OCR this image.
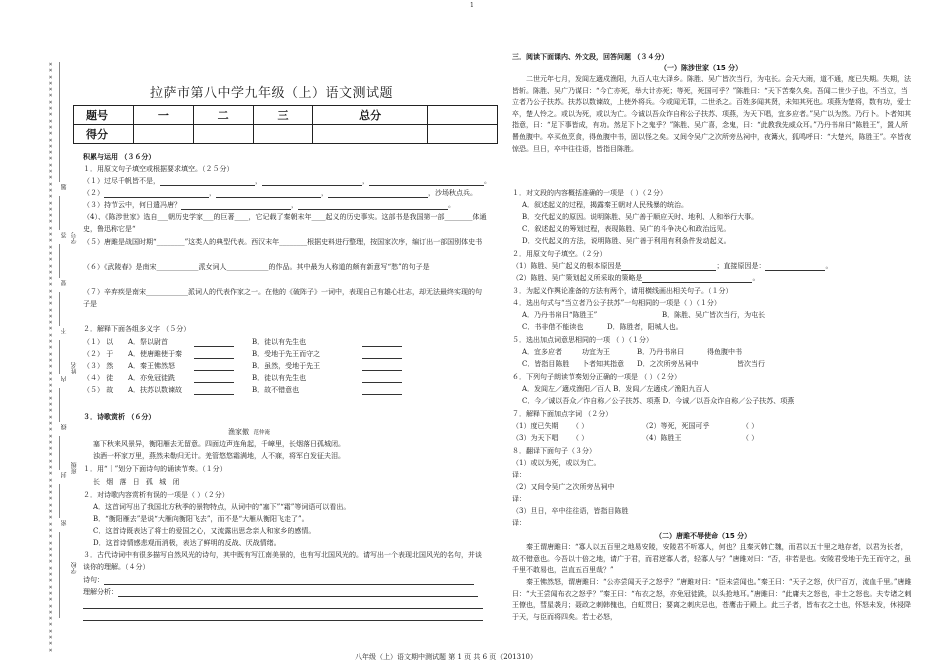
1
××××××××××××××××××××××××××××××××××××××××××××××××××××××××××××××××××××××××××××××××××××××××××××××
题
答
要
不
内
线
封
密
学号
姓名
班级
学校
拉萨市第八中学九年级（上）语文测试题
题号	一	二	三	总分	
得分					
积累与运用 （３６分）
１．用原文句子填空或根据要求填空。（２５分）
（１）过尽千帆皆不是，	，	，	。
（２）	，	，	，沙场秋点兵。
（３）持节云中，何日遣冯唐？	，	。
（4）、《陈涉世家》选自___朝历史学家___的巨著____，它记载了秦朝末年____起义的历史事实。这部书是我国第一部________体通史，鲁迅称它是“
（５）唐雎是战国时期“________”这类人的典型代表。西汉末年________根据史料进行整理，按国家次序，编订出一部国别体史书
（６）《武陵春》是南宋____________派女词人____________的作品。其中最为人称道的颇有新意写“愁”的句子是
（７）辛弃疾是南宋____________派词人的代表作家之一。在他的《破阵子》一词中，表现自己有雄心壮志，却无法最终实现的句子是
２．解释下面各组多义字 （５分）
（１） 以 A．祭以尉首	B．徒以有先生也
（２） 于 A．使唐雎使于秦	B．受地于先王而守之
（３） 然 A．秦王怫然怒	B．虽然，受地于先王
（４） 徒 A．亦免冠徒跣	B．徒以有先生也
（５） 故 A．扶苏以数谏故	B．故不错意也
３．诗歌赏析 （６分）
渔家傲 范仲淹
塞下秋来风景异，衡阳雁去无留意。四面边声连角起，千嶂里，长烟落日孤城闭。
浊酒一杯家万里，燕然未勒归无计。羌管悠悠霜满地，人不寐，将军白发征夫泪。
１．用“｜”划分下面诗句的诵读节奏。（１分）
长 烟 落 日 孤 城 闭
２．对诗歌内容赏析有误的一项是（ ）（２分）
A．这首词写出了我国北方秋季的景物特点，从词中的“塞下”“霜”等词语可以看出。
B．“衡阳雁去”是说“大雁向衡阳飞去”，而不是“大雁从衡阳飞走了”。
C．这首诗既表达了将士的爱国之心，又流露出思念亲人和家乡的感情。
D．这首诗情感悲观而消极，表达了鲜明的反战、厌战情绪。
３．古代诗词中有很多描写自然风光的诗句，其中既有写江南美景的，也有写北国风光的。请写出一个表现北国风光的名句，并谈谈你的理解。（４分）
诗句：
理解分析：
三．阅读下面课内、外文段，回答问题 （３４分）
（一）陈涉世家（15 分）
二世元年七月，发闾左適戍渔阳，九百人屯大泽乡。陈胜、吴广皆次当行，为屯长。会天大雨，道不通，度已失期。失期，法皆斩。陈胜、吴广乃谋曰：“今亡亦死，举大计亦死；等死，死国可乎？”陈胜曰：“天下苦秦久矣。吾闻二世少子也，不当立，当立者乃公子扶苏。扶苏以数谏故，上使外将兵。今或闻无罪，二世杀之。百姓多闻其贤，未知其死也。项燕为楚将，数有功，爱士卒，楚人怜之。或以为死，或以为亡。今诚以吾众诈自称公子扶苏、项燕，为天下唱，宜多应者。”吴广以为然。乃行卜。卜者知其指意，曰：“足下事皆成，有功。然足下卜之鬼乎？”陈胜、吴广喜，念鬼，曰：“此教我先威众耳。”乃丹书帛曰“陈胜王”，置人所罾鱼腹中。卒买鱼烹食，得鱼腹中书，固以怪之矣。又间令吴广之次所旁丛祠中，夜篝火，狐鸣呼曰：“大楚兴，陈胜王”。卒皆夜惊恐。旦日，卒中往往语，皆指目陈胜。
１．对文段的内容概括准确的一项是 （ ）（２分）
A．叙述起义的过程，揭露秦王朝对人民残暴的统治。
B．交代起义的原因。说明陈胜、吴广善于顺应天时、地利、人和举行大事。
C．叙述起义的筹划过程，表现陈胜、吴广的斗争决心和政治远见。
D．交代起义的方法，说明陈胜、吴广善于利用有利条件发动起义。
２．用原文句子填空。（２分）
（1）陈胜、吴广起义的根本原因是	；直接原因是：	。
（2）陈胜、吴广策划起义所采取的策略是	。
３．为起义作舆论准备的方法有两个，请用横线画出相关句子。（１分）
４．选出句式与“当立者乃公子扶苏”一句相同的一项是（ ）（１分）
A．乃丹书帛曰“陈胜王”	B．陈胜、吴广皆次当行，为屯长
C．书非借不能读也	D．陈胜者，阳城人也。
５．选出加点词意思相同的一项 （ ）（１分）
A．宜多应者	功宜为王	B．乃丹书帛曰	得鱼腹中书
C．皆指目陈胜 卜者知其指意 D．之次所旁丛祠中	皆次当行
６．下列句子朗读节奏划分正确的一项是 （ ）（２分）
A．发闾左／適戍渔阳／百人 B．发闾／左適戍／渔阳九百人
C．今／诚以吾众／诈自称／公子扶苏、项燕 D．今诚／以吾众诈自称／公子扶苏、项燕
７．解释下面加点字词 （２分）
（1）度已失期 （ ）	（2）等死，死国可乎	（ ）
（3）为天下唱 （ ）	（4）陈胜王	（ ）
８．翻译下面句子（３分）
（1）或以为死，或以为亡。
译：
（2）又间令吴广之次所旁丛祠中
译：
（3）旦日，卒中往往语，皆指目陈胜
译：
（二）唐雎不辱使命（15 分）
秦王谓唐雎曰：“寡人以五百里之地易安陵，安陵君不听寡人，何也？且秦灭韩亡魏，而君以五十里之地存者，以君为长者，故不错意也。今吾以十倍之地，请广于君，而君逆寡人者，轻寡人与？”唐雎对曰：“否，非若是也。安陵君受地于先王而守之，虽千里不敢易也，岂直五百里哉？”
秦王怫然怒，谓唐雎曰：“公亦尝闻天子之怒乎？”唐雎对曰：“臣未尝闻也。”秦王曰：“天子之怒，伏尸百万，流血千里。”唐雎曰：“大王尝闻布衣之怒乎？”秦王曰：“布衣之怒，亦免冠徒跣，以头抢地耳。”唐雎曰：“此庸夫之怒也，非士之怒也。夫专诸之刺王僚也，彗星袭月；聂政之刺韩傀也，白虹贯日；要离之刺庆忌也，苍鹰击于殿上。此三子者，皆布衣之士也，怀怒未发，休祲降于天，与臣而将四矣。若士必怒，
八年级（上）语文期中测试题 第 1 页 共 6 页（201310）
